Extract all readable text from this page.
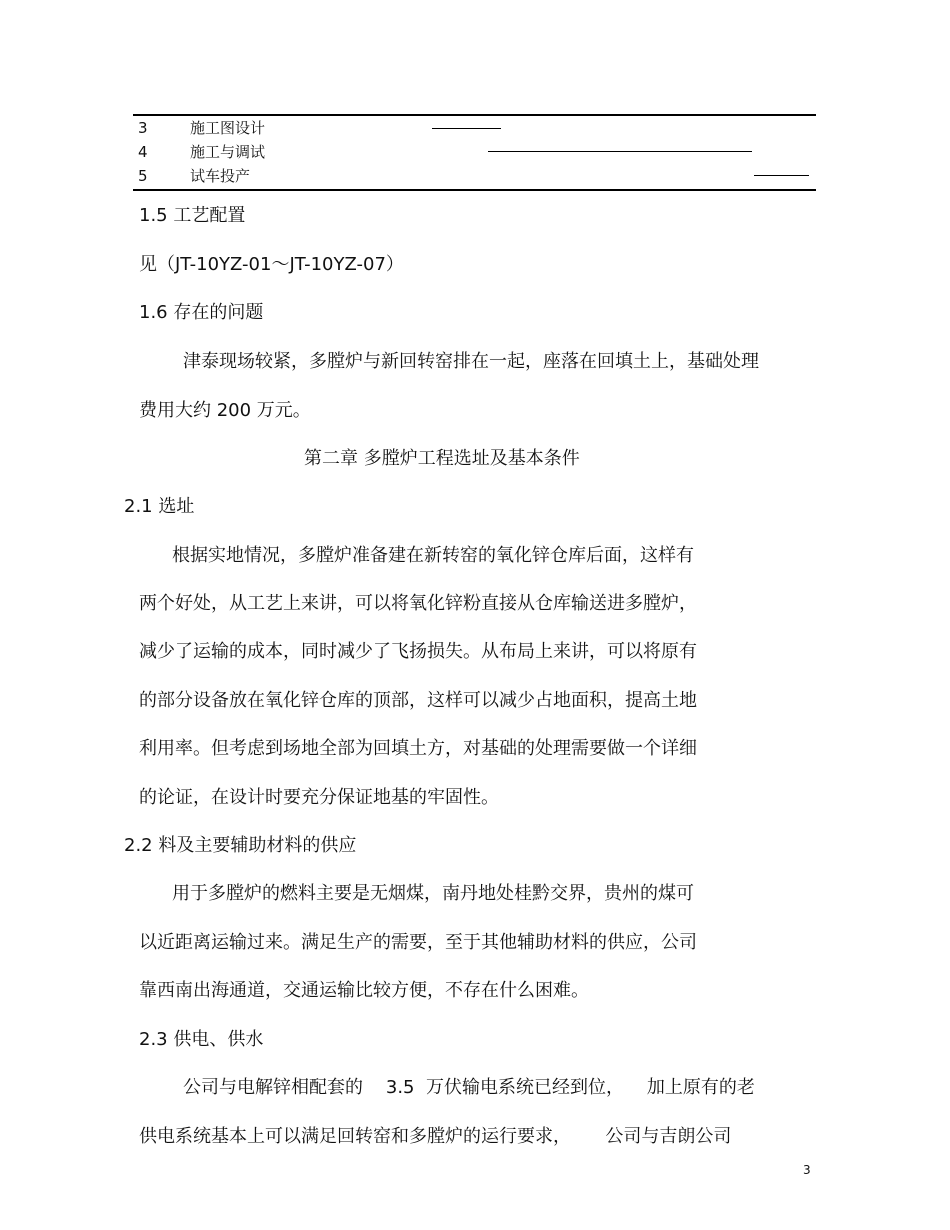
3	施工图设计
4	施工与调试
5	试车投产
1.5 工艺配置
见（JT-10YZ-01～JT-10YZ-07）
1.6 存在的问题
津泰现场较紧，多膛炉与新回转窑排在一起，座落在回填土上，基础处理
费用大约 200 万元。
第二章 多膛炉工程选址及基本条件
2.1 选址
根据实地情况，多膛炉准备建在新转窑的氧化锌仓库后面，这样有
两个好处，从工艺上来讲，可以将氧化锌粉直接从仓库输送进多膛炉，
减少了运输的成本，同时减少了飞扬损失。从布局上来讲，可以将原有
的部分设备放在氧化锌仓库的顶部，这样可以减少占地面积，提高土地
利用率。但考虑到场地全部为回填土方，对基础的处理需要做一个详细
的论证，在设计时要充分保证地基的牢固性。
2.2 料及主要辅助材料的供应
用于多膛炉的燃料主要是无烟煤，南丹地处桂黔交界，贵州的煤可
以近距离运输过来。满足生产的需要，至于其他辅助材料的供应，公司
靠西南出海通道，交通运输比较方便，不存在什么困难。
2.3 供电、供水
公司与电解锌相配套的    3.5  万伏输电系统已经到位，    加上原有的老
供电系统基本上可以满足回转窑和多膛炉的运行要求，      公司与吉朗公司
3
